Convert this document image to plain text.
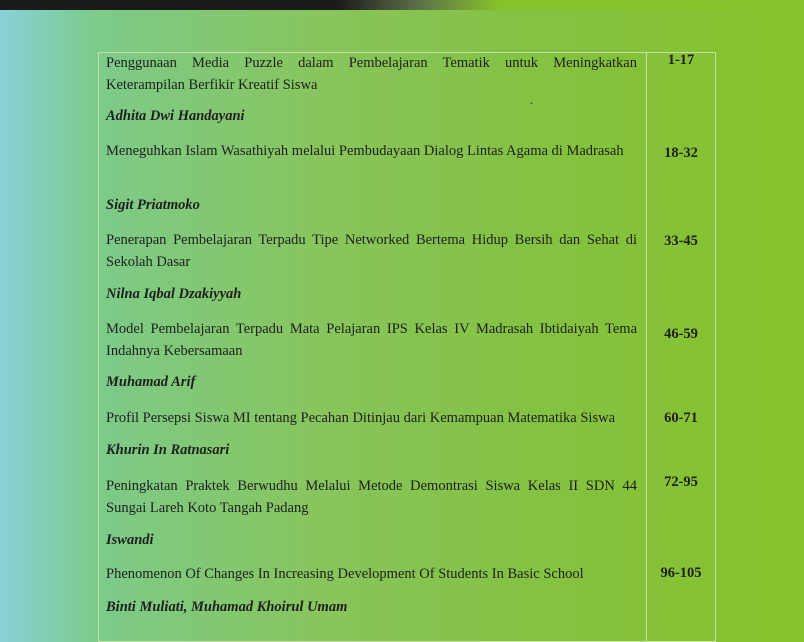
.

Penggunaan Media Puzzle dalam Pembelajaran Tematik untuk Meningkatkan Keterampilan Berfikir Kreatif Siswa

Adhita Dwi Handayani

1-17

Meneguhkan Islam Wasathiyah melalui Pembudayaan Dialog Lintas Agama di Madrasah

Sigit Priatmoko

18-32

Penerapan Pembelajaran Terpadu Tipe Networked Bertema Hidup Bersih dan Sehat di Sekolah Dasar

Nilna Iqbal Dzakiyyah

33-45

Model Pembelajaran Terpadu Mata Pelajaran IPS Kelas IV Madrasah Ibtidaiyah Tema Indahnya Kebersamaan

Muhamad Arif

46-59

Profil Persepsi Siswa MI tentang Pecahan Ditinjau dari Kemampuan Matematika Siswa

Khurin In Ratnasari

60-71

Peningkatan Praktek Berwudhu Melalui Metode Demontrasi Siswa Kelas II SDN 44 Sungai Lareh Koto Tangah Padang

Iswandi

72-95

Phenomenon Of Changes In Increasing Development Of Students In Basic School

Binti Muliati, Muhamad Khoirul Umam

96-105
